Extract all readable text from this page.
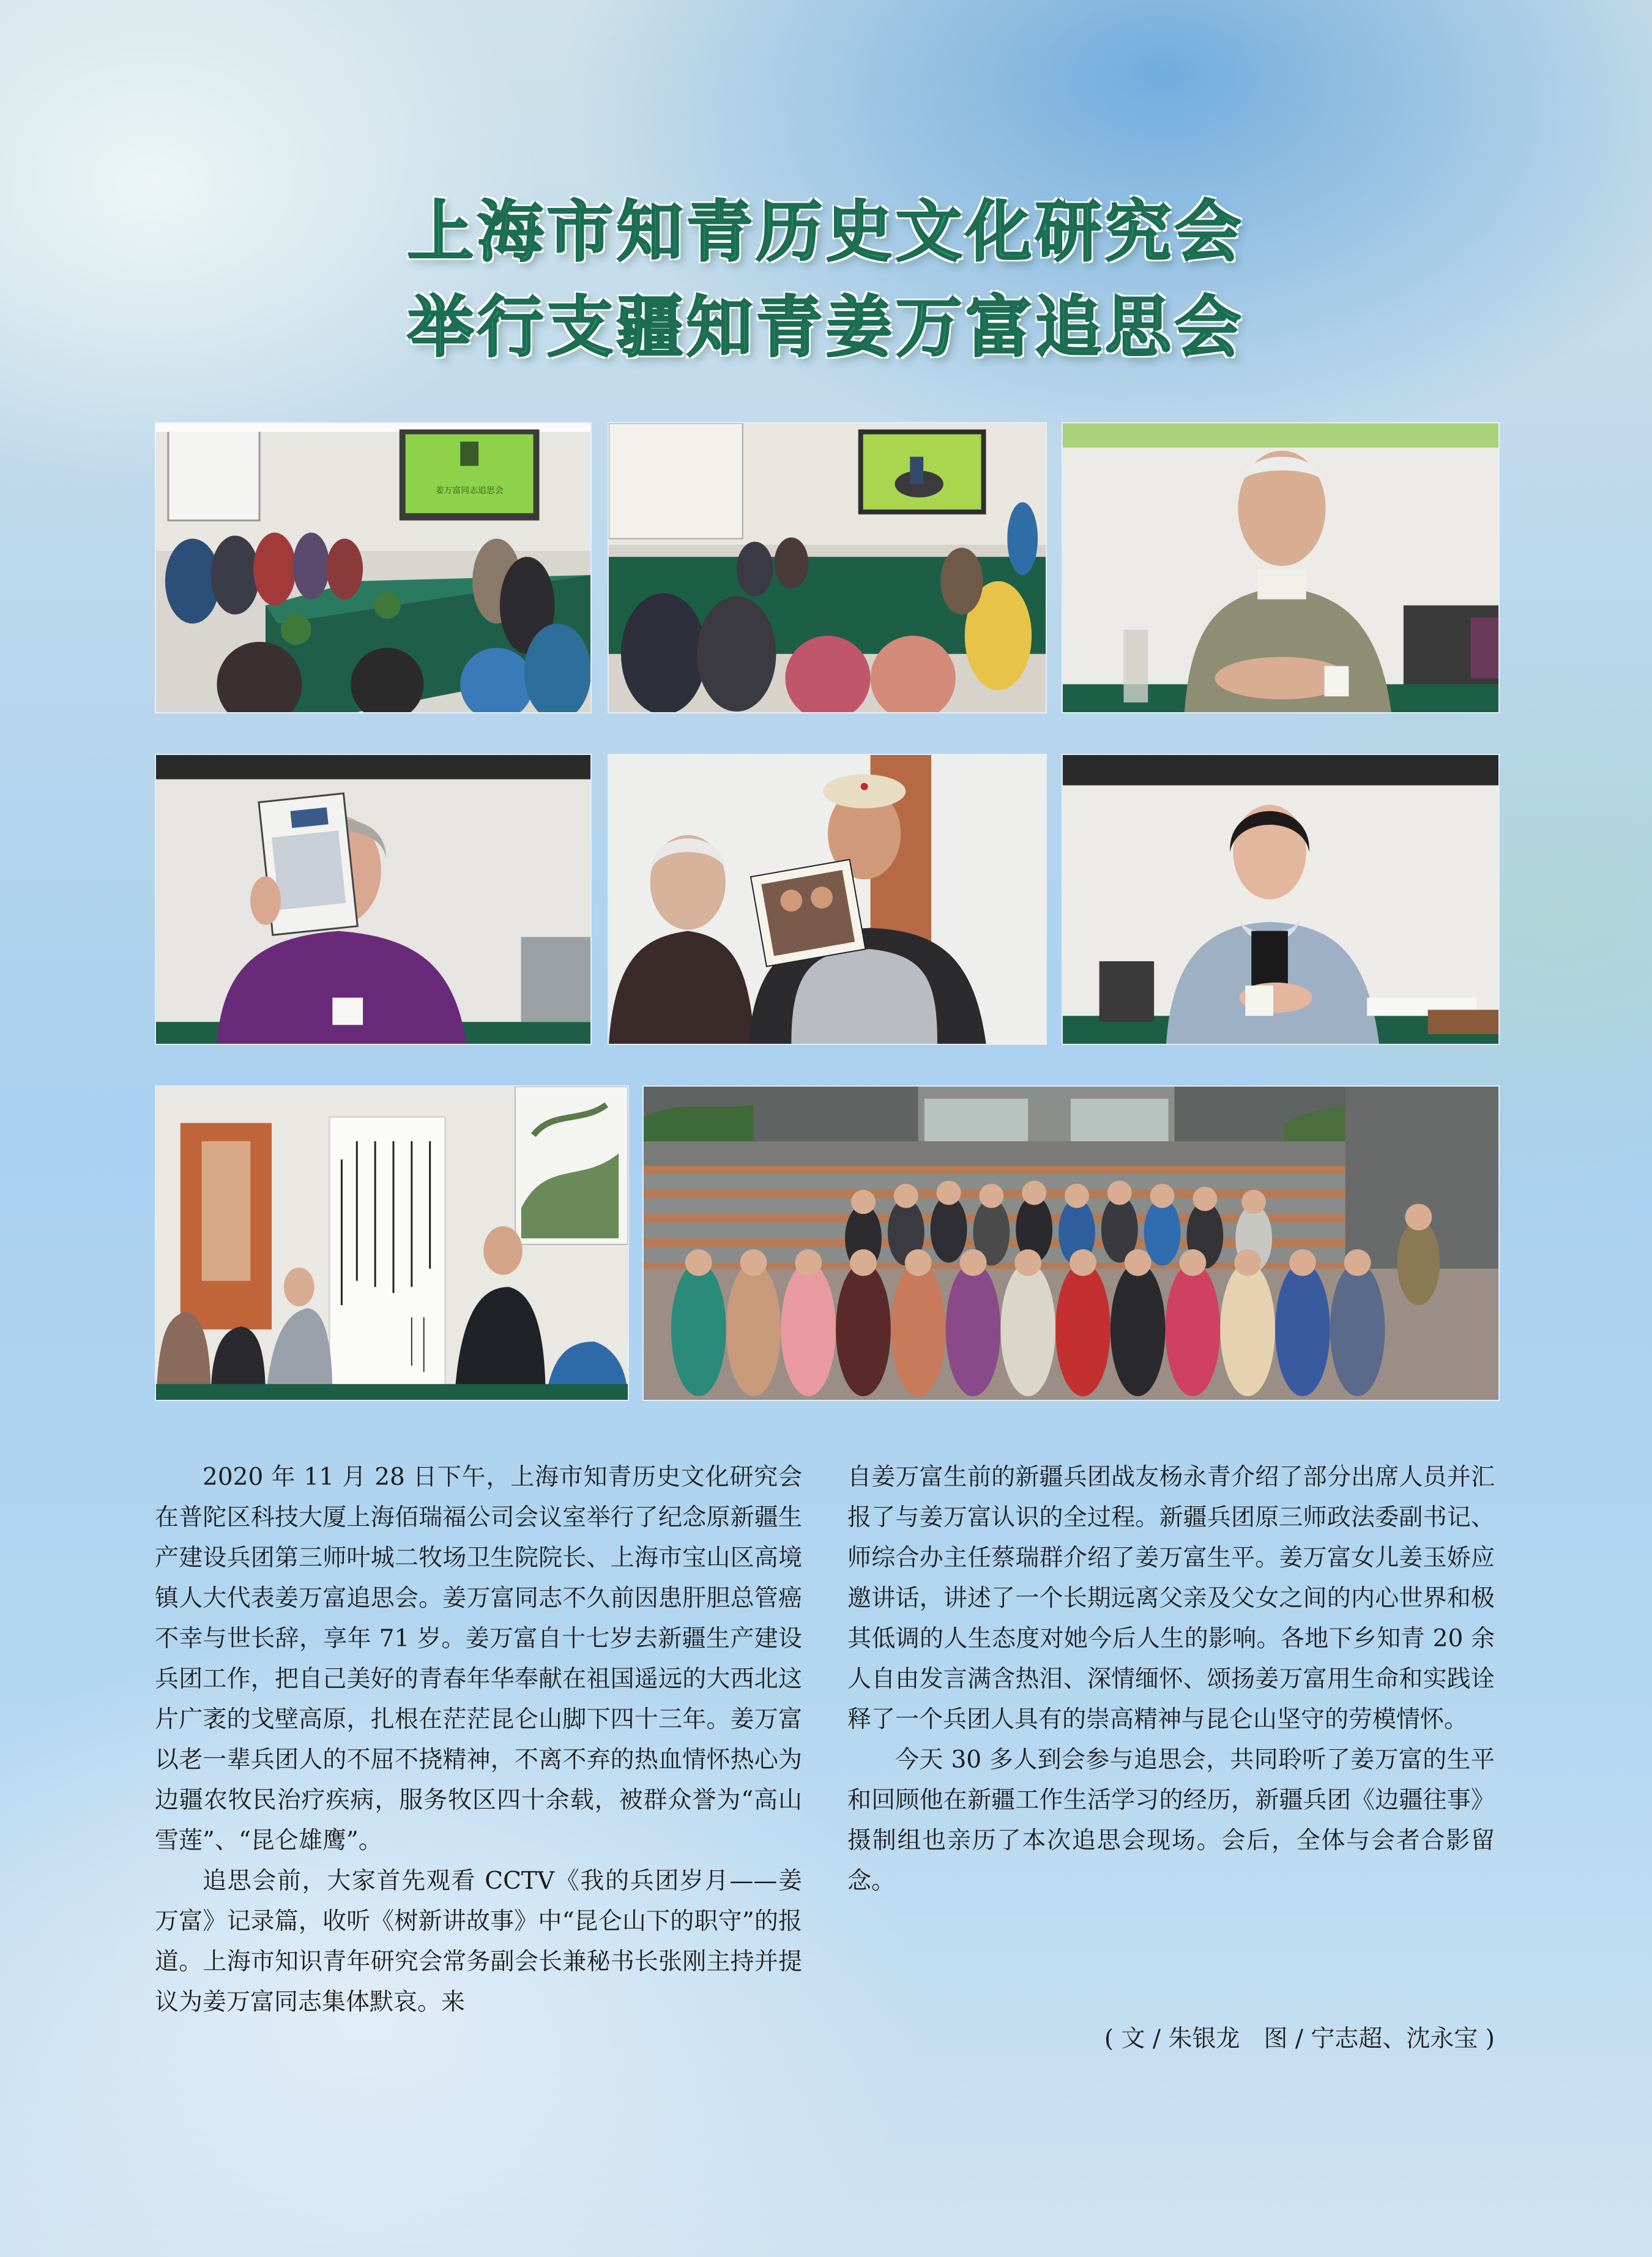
上海市知青历史文化研究会
举行支疆知青姜万富追思会
姜万富同志追思会

2020 年 11 月 28 日下午，上海市知青历史文化研究会在普陀区科技大厦上海佰瑞福公司会议室举行了纪念原新疆生产建设兵团第三师叶城二牧场卫生院院长、上海市宝山区高境镇人大代表姜万富追思会。姜万富同志不久前因患肝胆总管癌不幸与世长辞，享年 71 岁。姜万富自十七岁去新疆生产建设兵团工作，把自己美好的青春年华奉献在祖国遥远的大西北这片广袤的戈壁高原，扎根在茫茫昆仑山脚下四十三年。姜万富以老一辈兵团人的不屈不挠精神，不离不弃的热血情怀热心为边疆农牧民治疗疾病，服务牧区四十余载，被群众誉为“高山雪莲”、“昆仑雄鹰”。

追思会前，大家首先观看 CCTV《我的兵团岁月——姜万富》记录篇，收听《树新讲故事》中“昆仑山下的职守”的报道。上海市知识青年研究会常务副会长兼秘书长张刚主持并提议为姜万富同志集体默哀。来

自姜万富生前的新疆兵团战友杨永青介绍了部分出席人员并汇报了与姜万富认识的全过程。新疆兵团原三师政法委副书记、师综合办主任蔡瑞群介绍了姜万富生平。姜万富女儿姜玉娇应邀讲话，讲述了一个长期远离父亲及父女之间的内心世界和极其低调的人生态度对她今后人生的影响。各地下乡知青 20 余人自由发言满含热泪、深情缅怀、颂扬姜万富用生命和实践诠释了一个兵团人具有的崇高精神与昆仑山坚守的劳模情怀。

今天 30 多人到会参与追思会，共同聆听了姜万富的生平和回顾他在新疆工作生活学习的经历，新疆兵团《边疆往事》摄制组也亲历了本次追思会现场。会后，全体与会者合影留念。

( 文 / 朱银龙　图 / 宁志超、沈永宝 )
